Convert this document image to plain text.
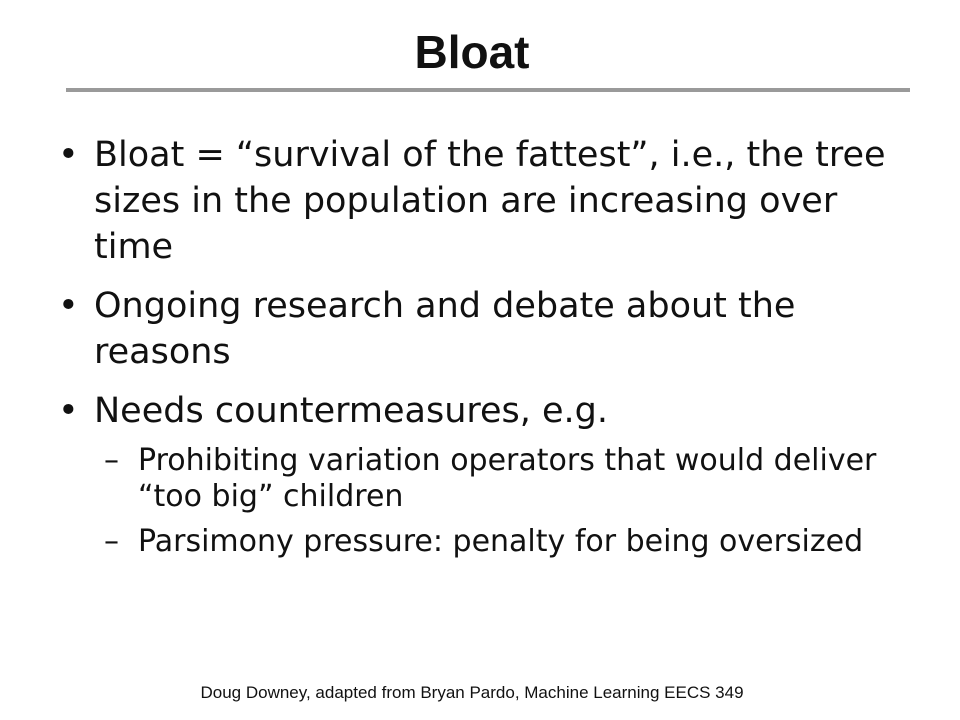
Bloat
• Bloat = “survival of the fattest”, i.e., the tree sizes in the population are increasing over time
• Ongoing research and debate about the reasons
• Needs countermeasures, e.g.
– Prohibiting variation operators that would deliver “too big” children
– Parsimony pressure: penalty for being oversized
Doug Downey, adapted from Bryan Pardo, Machine Learning EECS 349
